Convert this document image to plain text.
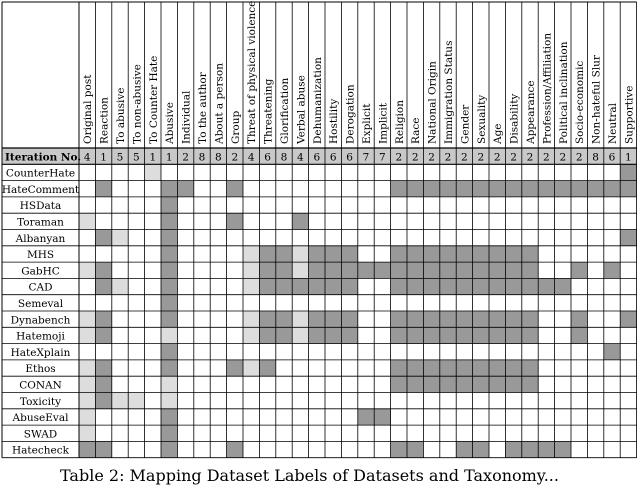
Original post Reaction To abusive To non-abusive To Counter Hate Abusive Individual To the author About a person Group Threat of physical violence Threatening Glorification Verbal abuse Dehumanization Hostility Derogation Explicit Implicit Religion Race National Origin Immigration Status Gender Sexuality Age Disability Appearance Profession/Affiliation Political inclination Socio-economic Non-hateful Slur Neutral Supportive
Iteration No. 4 1 5 5 1 1 2 8 8 2 4 6 8 4 6 6 6 7 7 2 2 2 2 2 2 2 2 2 2 2 2 8 6 1
CounterHate
HateComment
HSData
Toraman
Albanyan
MHS
GabHC
CAD
Semeval
Dynabench
Hatemoji
HateXplain
Ethos
CONAN
Toxicity
AbuseEval
SWAD
Hatecheck
Table 2: Mapping Dataset Labels of Datasets and Taxonomy...
